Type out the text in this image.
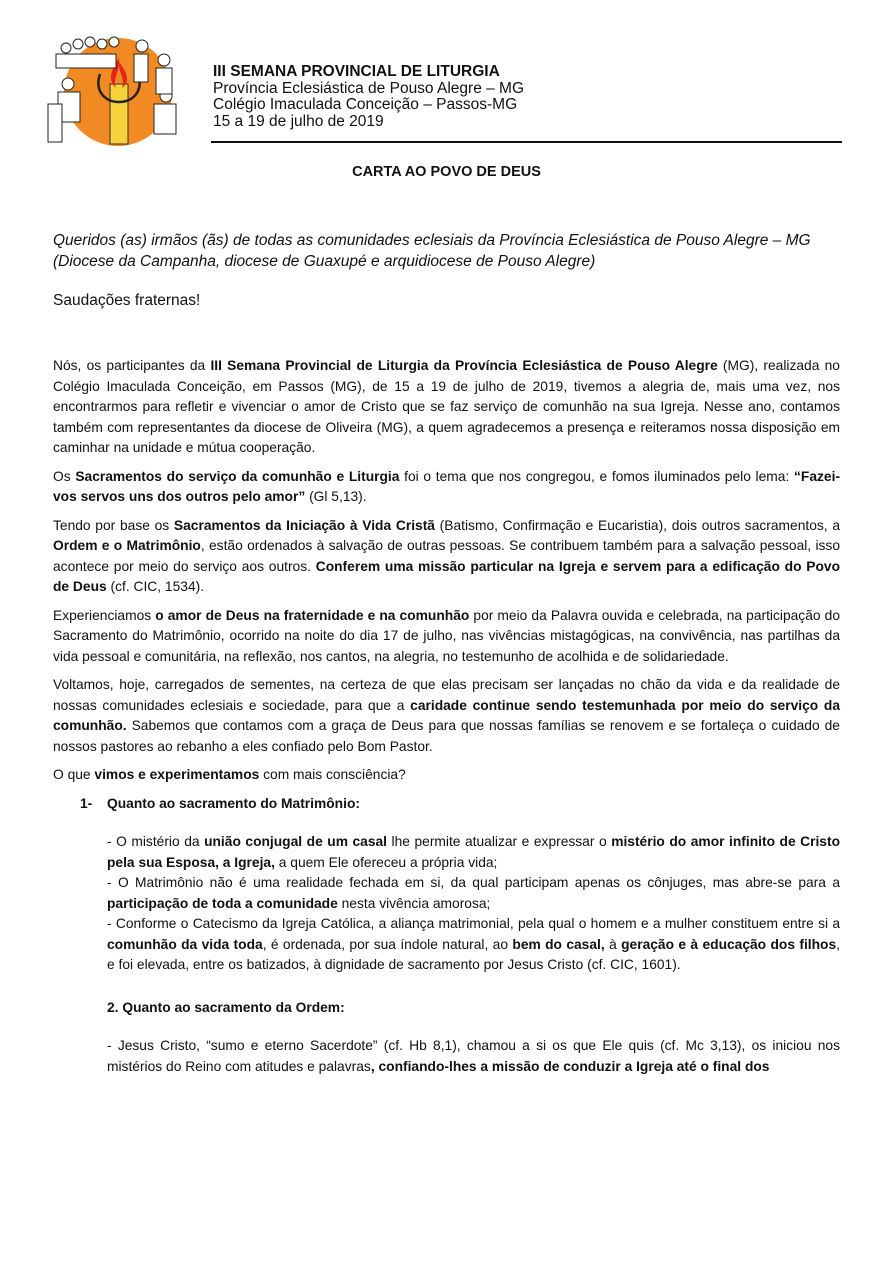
III SEMANA PROVINCIAL DE LITURGIA
Província Eclesiástica de Pouso Alegre – MG
Colégio Imaculada Conceição – Passos-MG
15 a 19 de julho de 2019
CARTA AO POVO DE DEUS
Queridos (as) irmãos (ãs) de todas as comunidades eclesiais da Província Eclesiástica de Pouso Alegre – MG (Diocese da Campanha, diocese de Guaxupé e arquidiocese de Pouso Alegre)
Saudações fraternas!

Nós, os participantes da III Semana Provincial de Liturgia da Província Eclesiástica de Pouso Alegre (MG), realizada no Colégio Imaculada Conceição, em Passos (MG), de 15 a 19 de julho de 2019, tivemos a alegria de, mais uma vez, nos encontrarmos para refletir e vivenciar o amor de Cristo que se faz serviço de comunhão na sua Igreja. Nesse ano, contamos também com representantes da diocese de Oliveira (MG), a quem agradecemos a presença e reiteramos nossa disposição em caminhar na unidade e mútua cooperação.

Os Sacramentos do serviço da comunhão e Liturgia foi o tema que nos congregou, e fomos iluminados pelo lema: “Fazei-vos servos uns dos outros pelo amor” (Gl 5,13).

Tendo por base os Sacramentos da Iniciação à Vida Cristã (Batismo, Confirmação e Eucaristia), dois outros sacramentos, a Ordem e o Matrimônio, estão ordenados à salvação de outras pessoas. Se contribuem também para a salvação pessoal, isso acontece por meio do serviço aos outros. Conferem uma missão particular na Igreja e servem para a edificação do Povo de Deus (cf. CIC, 1534).

Experienciamos o amor de Deus na fraternidade e na comunhão por meio da Palavra ouvida e celebrada, na participação do Sacramento do Matrimônio, ocorrido na noite do dia 17 de julho, nas vivências mistagógicas, na convivência, nas partilhas da vida pessoal e comunitária, na reflexão, nos cantos, na alegria, no testemunho de acolhida e de solidariedade.

Voltamos, hoje, carregados de sementes, na certeza de que elas precisam ser lançadas no chão da vida e da realidade de nossas comunidades eclesiais e sociedade, para que a caridade continue sendo testemunhada por meio do serviço da comunhão. Sabemos que contamos com a graça de Deus para que nossas famílias se renovem e se fortaleça o cuidado de nossos pastores ao rebanho a eles confiado pelo Bom Pastor.

O que vimos e experimentamos com mais consciência?

1-	Quanto ao sacramento do Matrimônio:

- O mistério da união conjugal de um casal lhe permite atualizar e expressar o mistério do amor infinito de Cristo pela sua Esposa, a Igreja, a quem Ele ofereceu a própria vida;

- O Matrimônio não é uma realidade fechada em si, da qual participam apenas os cônjuges, mas abre-se para a participação de toda a comunidade nesta vivência amorosa;

- Conforme o Catecismo da Igreja Católica, a aliança matrimonial, pela qual o homem e a mulher constituem entre si a comunhão da vida toda, é ordenada, por sua índole natural, ao bem do casal, à geração e à educação dos filhos, e foi elevada, entre os batizados, à dignidade de sacramento por Jesus Cristo (cf. CIC, 1601).

2. Quanto ao sacramento da Ordem:

- Jesus Cristo, “sumo e eterno Sacerdote” (cf. Hb 8,1), chamou a si os que Ele quis (cf. Mc 3,13), os iniciou nos mistérios do Reino com atitudes e palavras, confiando-lhes a missão de conduzir a Igreja até o final dos
